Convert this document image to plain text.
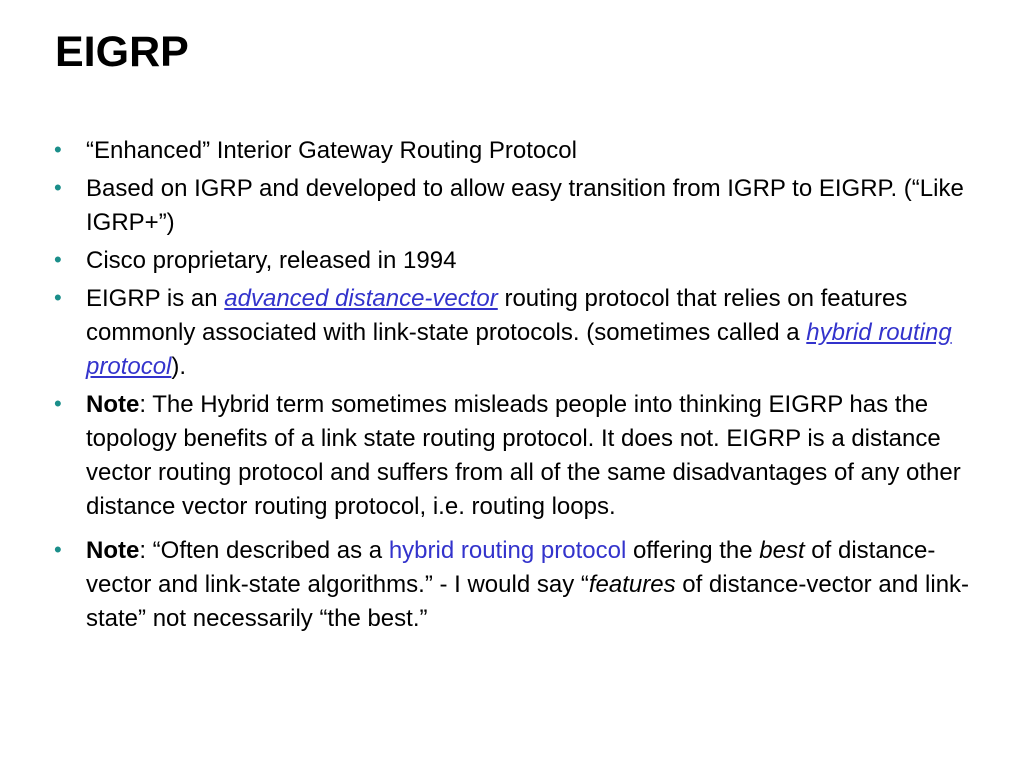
EIGRP
• “Enhanced” Interior Gateway Routing Protocol
• Based on IGRP and developed to allow easy transition from IGRP to EIGRP. (“Like IGRP+”)
• Cisco proprietary, released in 1994
• EIGRP is an advanced distance-vector routing protocol that relies on features commonly associated with link-state protocols. (sometimes called a hybrid routing protocol).
• Note: The Hybrid term sometimes misleads people into thinking EIGRP has the topology benefits of a link state routing protocol. It does not. EIGRP is a distance vector routing protocol and suffers from all of the same disadvantages of any other distance vector routing protocol, i.e. routing loops.
• Note: “Often described as a hybrid routing protocol offering the best of distance-vector and link-state algorithms.” - I would say “features of distance-vector and link-state” not necessarily “the best.”
